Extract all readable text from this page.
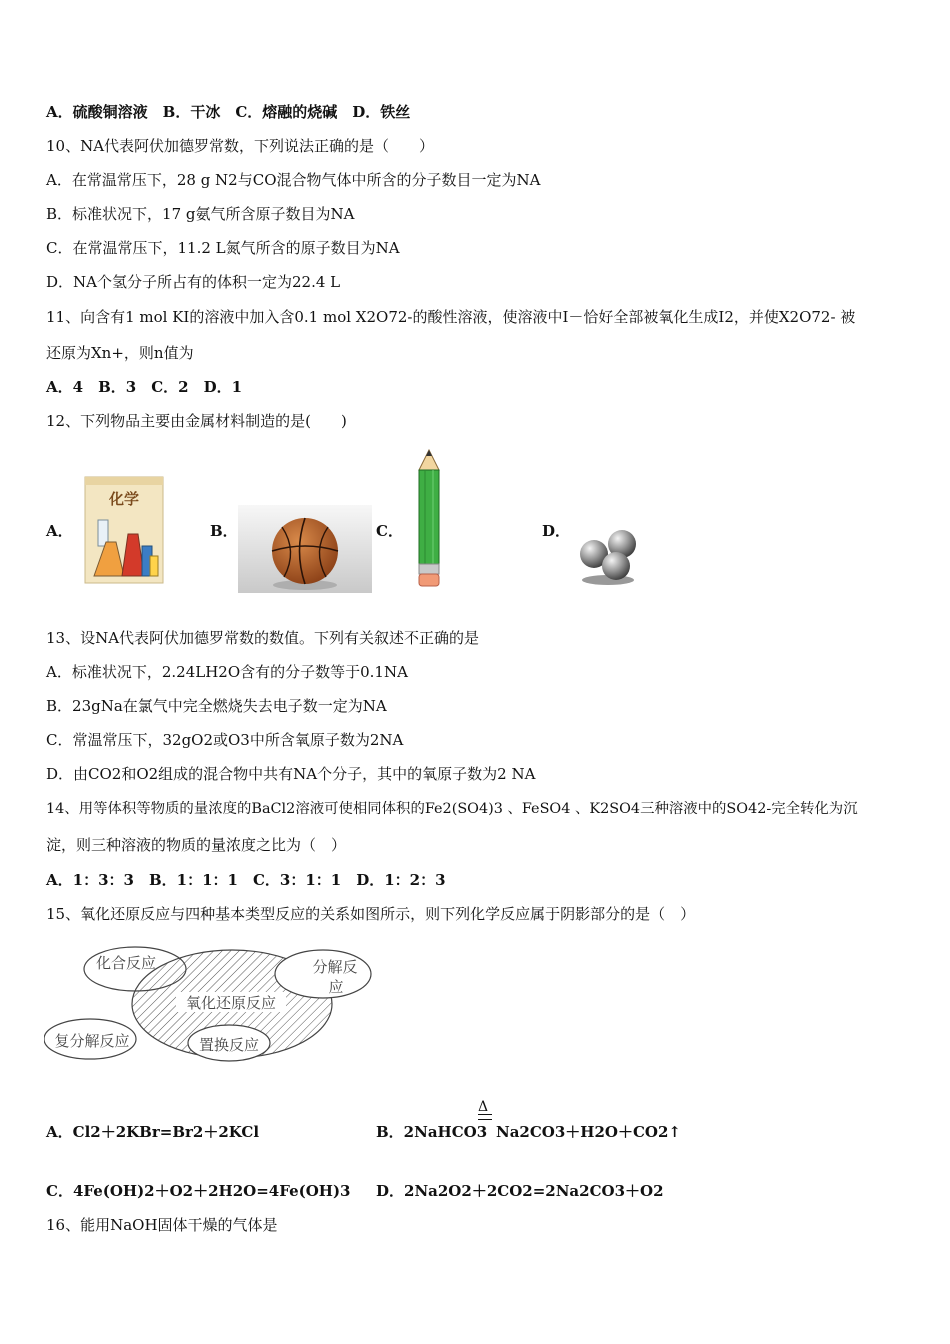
A．硫酸铜溶液　B．干冰　C．熔融的烧碱　D．铁丝
10、NA代表阿伏加德罗常数，下列说法正确的是（　　）
A．在常温常压下，28 g N2与CO混合物气体中所含的分子数目一定为NA
B．标准状况下，17 g氨气所含原子数目为NA
C．在常温常压下，11.2 L氮气所含的原子数目为NA
D．NA个氢分子所占有的体积一定为22.4 L
11、向含有1 mol KI的溶液中加入含0.1 mol X2O72-的酸性溶液，使溶液中I－恰好全部被氧化生成I2，并使X2O72- 被
还原为Xn+，则n值为
A．4　B．3　C．2　D．1
12、下列物品主要由金属材料制造的是(　　)
A．
化学
B．	C．	D．
13、设NA代表阿伏加德罗常数的数值。下列有关叙述不正确的是
A．标准状况下，2.24LH2O含有的分子数等于0.1NA
B．23gNa在氯气中完全燃烧失去电子数一定为NA
C．常温常压下，32gO2或O3中所含氧原子数为2NA
D．由CO2和O2组成的混合物中共有NA个分子，其中的氧原子数为2 NA
14、用等体积等物质的量浓度的BaCl2溶液可使相同体积的Fe2(SO4)3 、FeSO4 、K2SO4三种溶液中的SO42-完全转化为沉
淀，则三种溶液的物质的量浓度之比为（　）
A．1：3：3　B．1：1：1　C．3：1：1　D．1：2：3
15、氧化还原反应与四种基本类型反应的关系如图所示，则下列化学反应属于阴影部分的是（　）
化合反应	分解反
应
氧化还原反应
复分解反应	置换反应
A．Cl2＋2KBr=Br2＋2KCl	B．2NaHCO3
Δ
Na2CO3＋H2O＋CO2↑
C．4Fe(OH)2＋O2＋2H2O=4Fe(OH)3 D．2Na2O2＋2CO2=2Na2CO3＋O2
16、能用NaOH固体干燥的气体是
